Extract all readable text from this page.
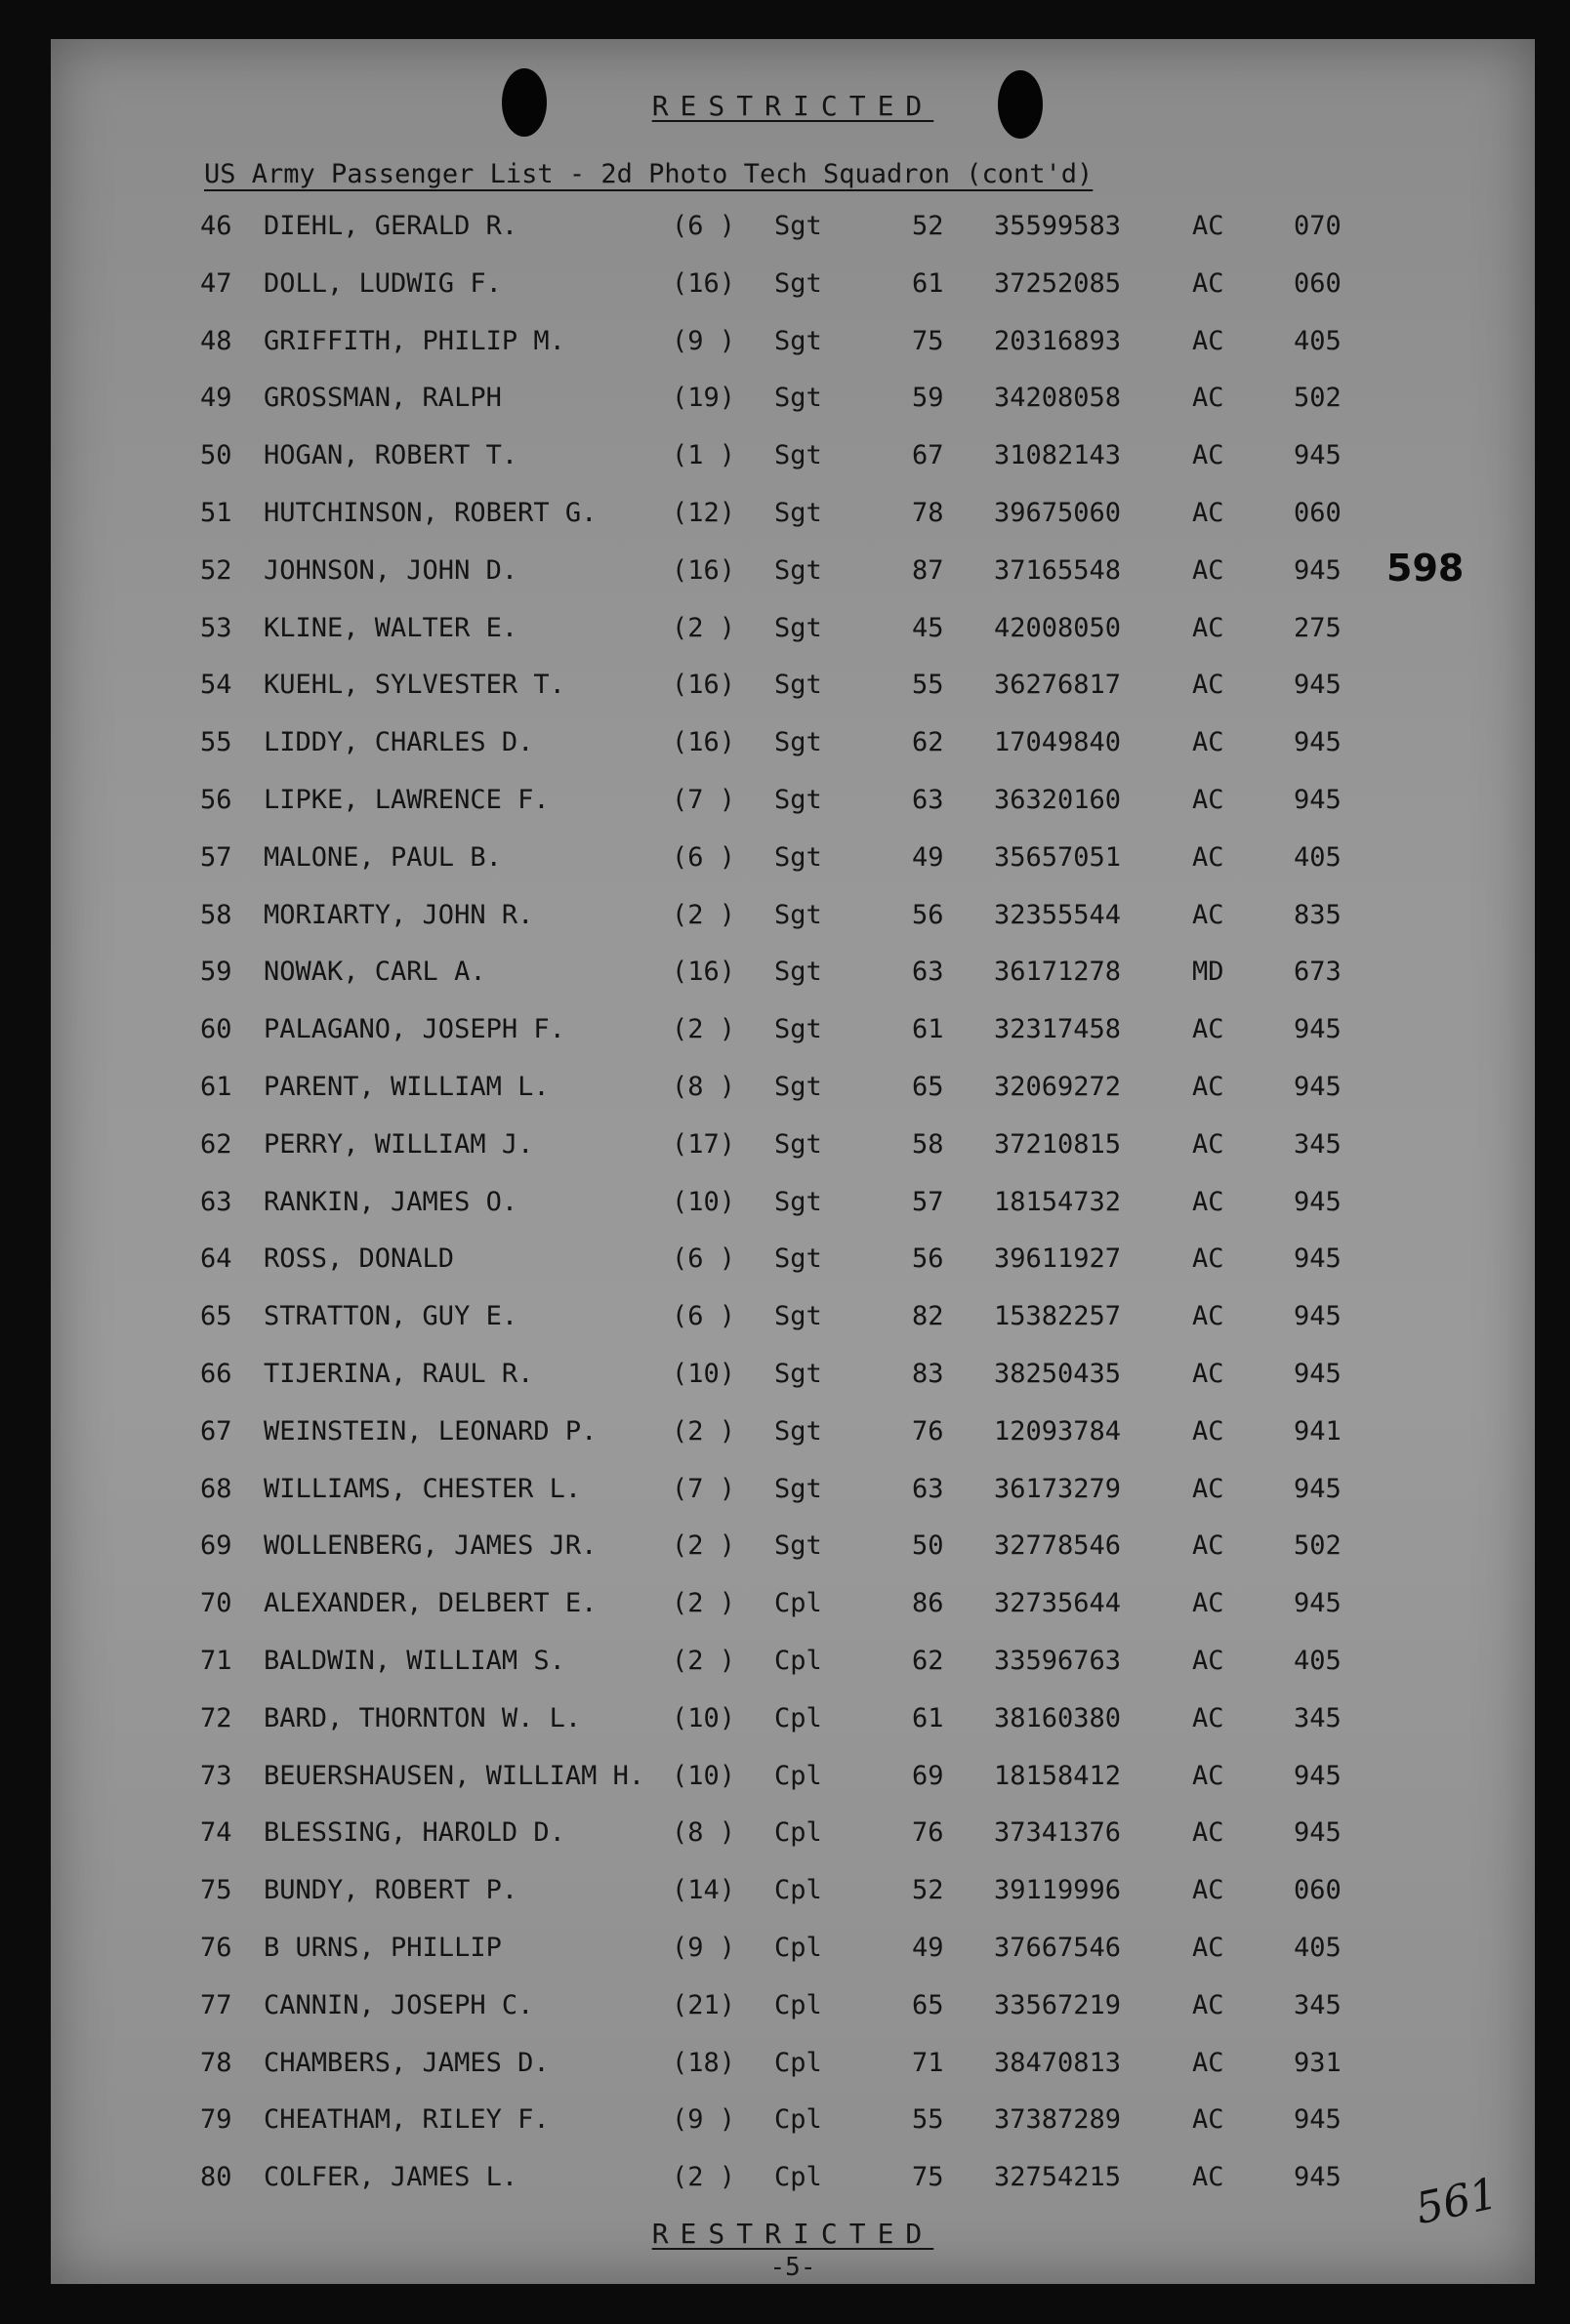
RESTRICTED
US Army Passenger List - 2d Photo Tech Squadron (cont'd)
598
46 DIEHL, GERALD R.	(6 ) Sgt	52 35599583	AC	070
47 DOLL, LUDWIG F.	(16) Sgt	61 37252085	AC	060
48 GRIFFITH, PHILIP M.	(9 ) Sgt	75 20316893	AC	405
49 GROSSMAN, RALPH	(19) Sgt	59 34208058	AC	502
50 HOGAN, ROBERT T.	(1 ) Sgt	67 31082143	AC	945
51 HUTCHINSON, ROBERT G.	(12) Sgt	78 39675060	AC	060
52 JOHNSON, JOHN D.	(16) Sgt	87 37165548	AC	945
53 KLINE, WALTER E.	(2 ) Sgt	45 42008050	AC	275
54 KUEHL, SYLVESTER T.	(16) Sgt	55 36276817	AC	945
55 LIDDY, CHARLES D.	(16) Sgt	62 17049840	AC	945
56 LIPKE, LAWRENCE F.	(7 ) Sgt	63 36320160	AC	945
57 MALONE, PAUL B.	(6 ) Sgt	49 35657051	AC	405
58 MORIARTY, JOHN R.	(2 ) Sgt	56 32355544	AC	835
59 NOWAK, CARL A.	(16) Sgt	63 36171278	MD	673
60 PALAGANO, JOSEPH F.	(2 ) Sgt	61 32317458	AC	945
61 PARENT, WILLIAM L.	(8 ) Sgt	65 32069272	AC	945
62 PERRY, WILLIAM J.	(17) Sgt	58 37210815	AC	345
63 RANKIN, JAMES O.	(10) Sgt	57 18154732	AC	945
64 ROSS, DONALD	(6 ) Sgt	56 39611927	AC	945
65 STRATTON, GUY E.	(6 ) Sgt	82 15382257	AC	945
66 TIJERINA, RAUL R.	(10) Sgt	83 38250435	AC	945
67 WEINSTEIN, LEONARD P.	(2 ) Sgt	76 12093784	AC	941
68 WILLIAMS, CHESTER L.	(7 ) Sgt	63 36173279	AC	945
69 WOLLENBERG, JAMES JR.	(2 ) Sgt	50 32778546	AC	502
70 ALEXANDER, DELBERT E.	(2 ) Cpl	86 32735644	AC	945
71 BALDWIN, WILLIAM S.	(2 ) Cpl	62 33596763	AC	405
72 BARD, THORNTON W. L.	(10) Cpl	61 38160380	AC	345
73 BEUERSHAUSEN, WILLIAM H. (10) Cpl	69 18158412	AC	945
74 BLESSING, HAROLD D.	(8 ) Cpl	76 37341376	AC	945
75 BUNDY, ROBERT P.	(14) Cpl	52 39119996	AC	060
76 B URNS, PHILLIP	(9 ) Cpl	49 37667546	AC	405
77 CANNIN, JOSEPH C.	(21) Cpl	65 33567219	AC	345
78 CHAMBERS, JAMES D.	(18) Cpl	71 38470813	AC	931
79 CHEATHAM, RILEY F.	(9 ) Cpl	55 37387289	AC	945
80 COLFER, JAMES L.	(2 ) Cpl	75 32754215	AC	945
RESTRICTED
-5-
561
